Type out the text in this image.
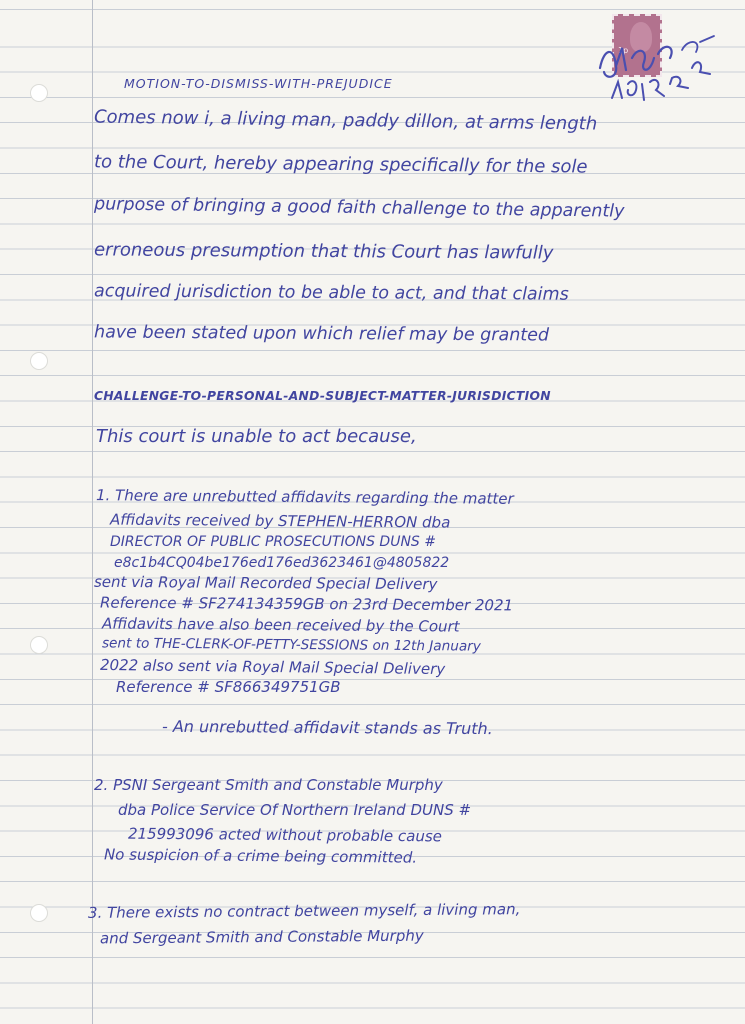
1p
MOTION-TO-DISMISS-WITH-PREJUDICE
Comes now i, a living man, paddy dillon, at arms length
to the Court, hereby appearing specifically for the sole
purpose of bringing a good faith challenge to the apparently
erroneous presumption that this Court has lawfully
acquired jurisdiction to be able to act, and that claims
have been stated upon which relief may be granted
CHALLENGE-TO-PERSONAL-AND-SUBJECT-MATTER-JURISDICTION
This court is unable to act because,
1. There are unrebutted affidavits regarding the matter
Affidavits received by STEPHEN-HERRON dba
DIRECTOR OF PUBLIC PROSECUTIONS DUNS #
e8c1b4CQ04be176ed176ed3623461@4805822
sent via Royal Mail Recorded Special Delivery
Reference # SF274134359GB on 23rd December 2021
Affidavits have also been received by the Court
sent to THE-CLERK-OF-PETTY-SESSIONS on 12th January
2022 also sent via Royal Mail Special Delivery
Reference # SF866349751GB
- An unrebutted affidavit stands as Truth.
2. PSNI Sergeant Smith and Constable Murphy
dba Police Service Of Northern Ireland DUNS #
215993096 acted without probable cause
No suspicion of a crime being committed.
3. There exists no contract between myself, a living man,
and Sergeant Smith and Constable Murphy
